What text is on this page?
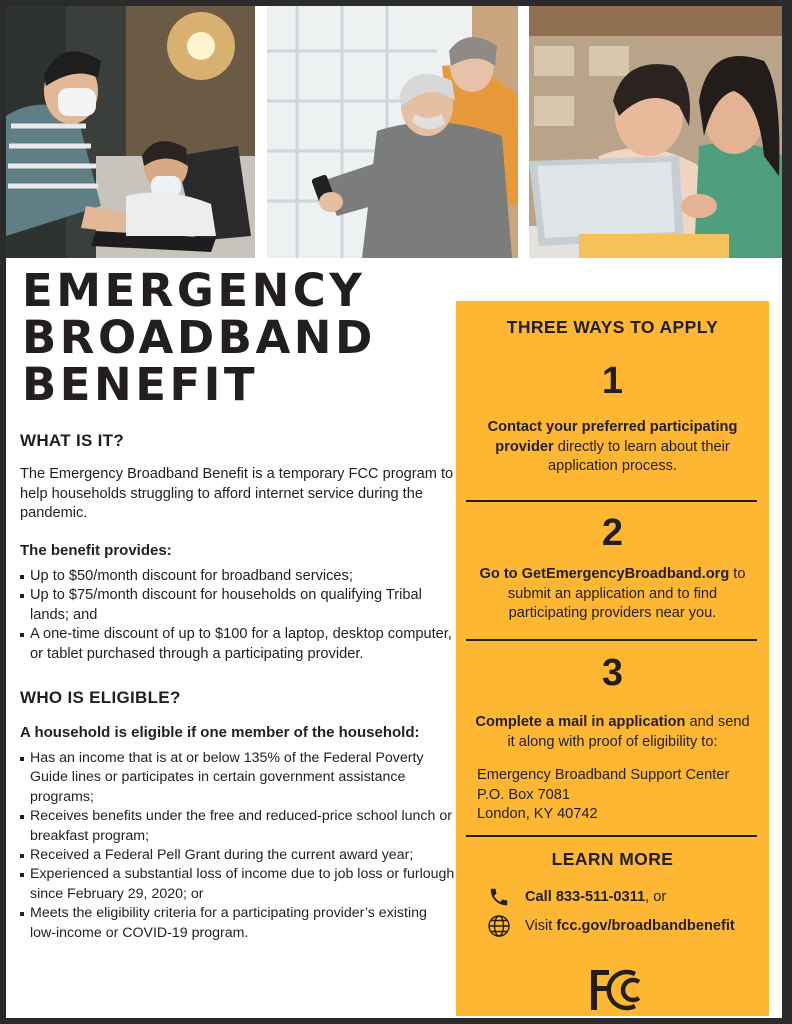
EMERGENCY
BROADBAND
BENEFIT
WHAT IS IT?
The Emergency Broadband Benefit is a temporary FCC program to help households struggling to afford internet service during the pandemic.
The benefit provides:
Up to $50/month discount for broadband services;
Up to $75/month discount for households on qualifying Tribal lands; and
A one-time discount of up to $100 for a laptop, desktop computer, or tablet purchased through a participating provider.
WHO IS ELIGIBLE?
A household is eligible if one member of the household:
Has an income that is at or below 135% of the Federal Poverty Guide lines or participates in certain government assistance programs;
Receives benefits under the free and reduced-price school lunch or breakfast program;
Received a Federal Pell Grant during the current award year;
Experienced a substantial loss of income due to job loss or furlough since February 29, 2020; or
Meets the eligibility criteria for a participating provider’s existing low-income or COVID-19 program.
THREE WAYS TO APPLY
1
Contact your preferred participating provider directly to learn about their application process.
2
Go to GetEmergencyBroadband.org to submit an application and to find participating providers near you.
3
Complete a mail in application and send it along with proof of eligibility to:
Emergency Broadband Support Center
P.O. Box 7081
London, KY 40742
LEARN MORE
Call 833-511-0311, or
Visit fcc.gov/broadbandbenefit
